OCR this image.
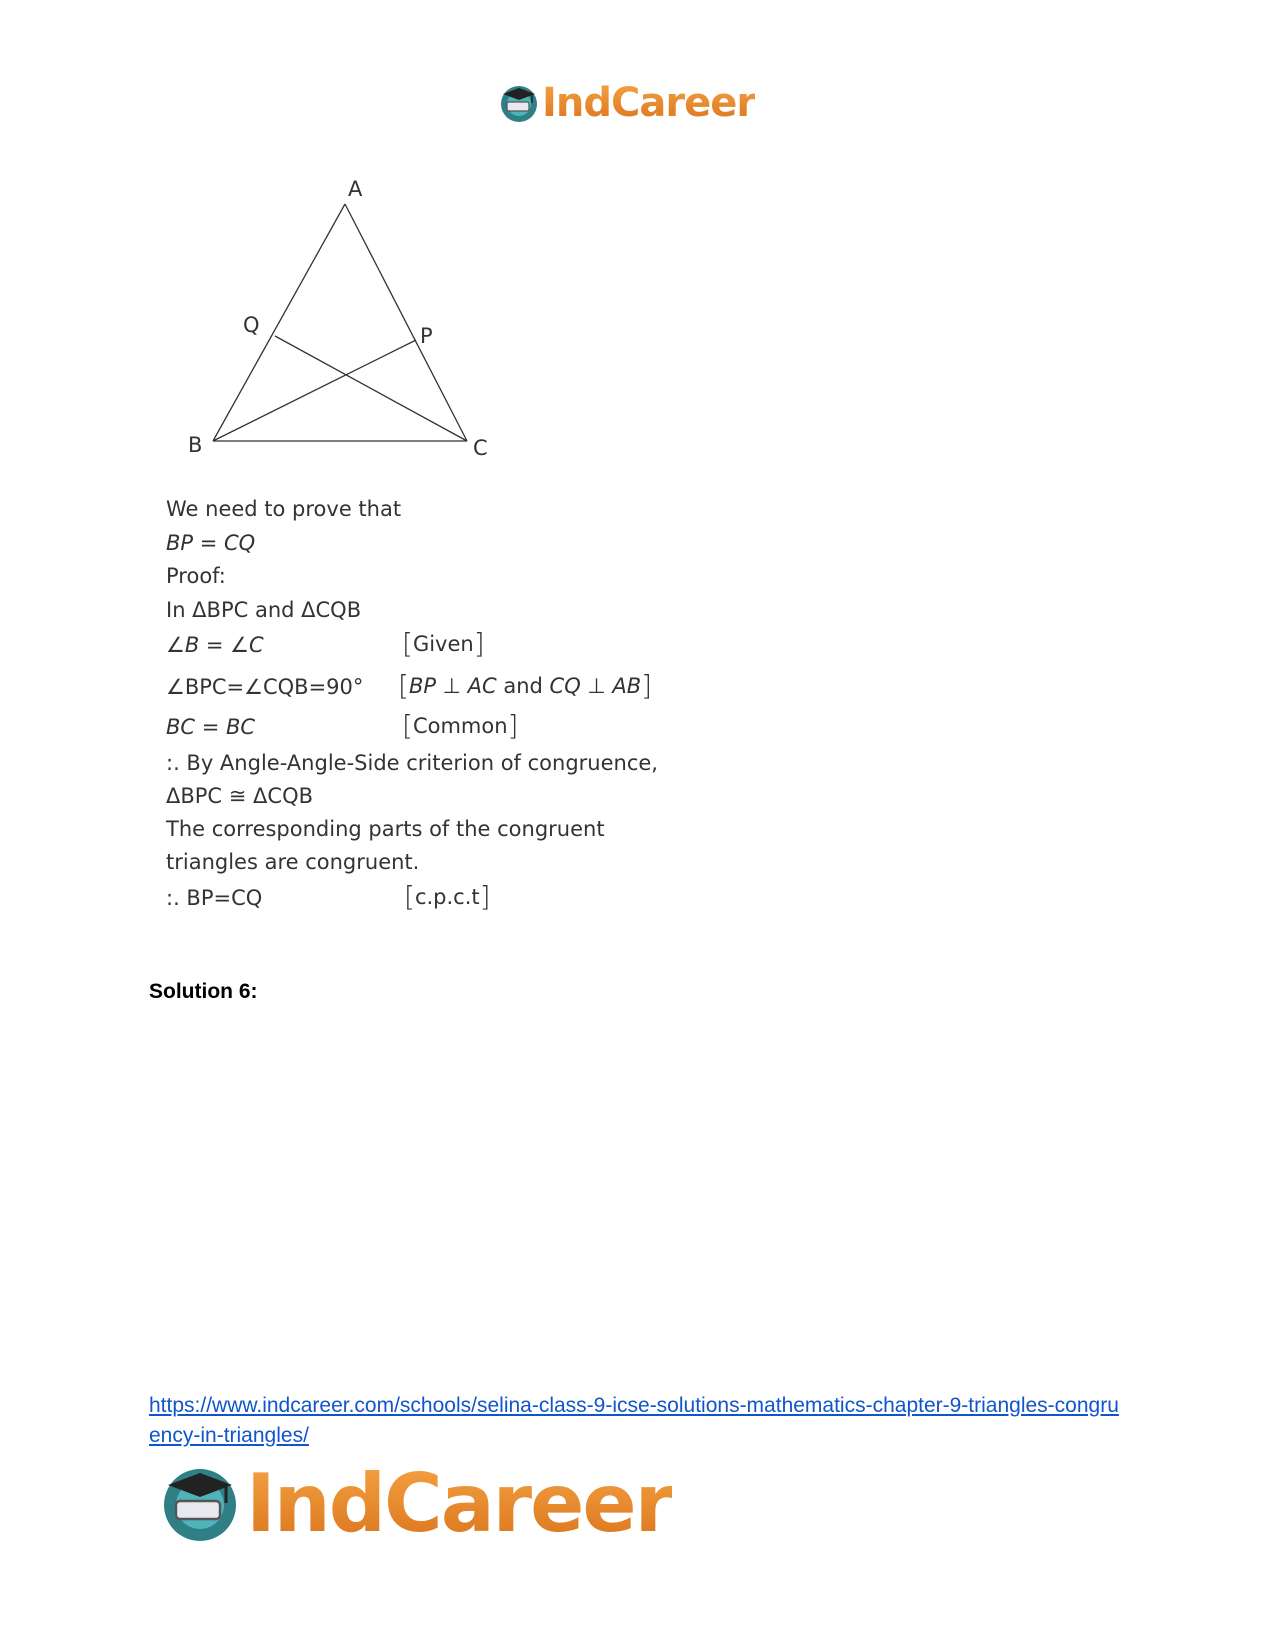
IndCareer
A
B	C
P
Q
We need to prove that
BP = CQ
Proof:
In ΔBPC and ΔCQB
∠B = ∠C	[Given]
∠BPC=∠CQB=90° [BP ⊥ AC and CQ ⊥ AB]
BC = BC	[Common]
:. By Angle-Angle-Side criterion of congruence,
ΔBPC ≅ ΔCQB
The corresponding parts of the congruent
triangles are congruent.
:. BP=CQ	[c.p.c.t]
Solution 6:
https://www.indcareer.com/schools/selina-class-9-icse-solutions-mathematics-chapter-9-triangles-congruency-in-triangles/
IndCareer
